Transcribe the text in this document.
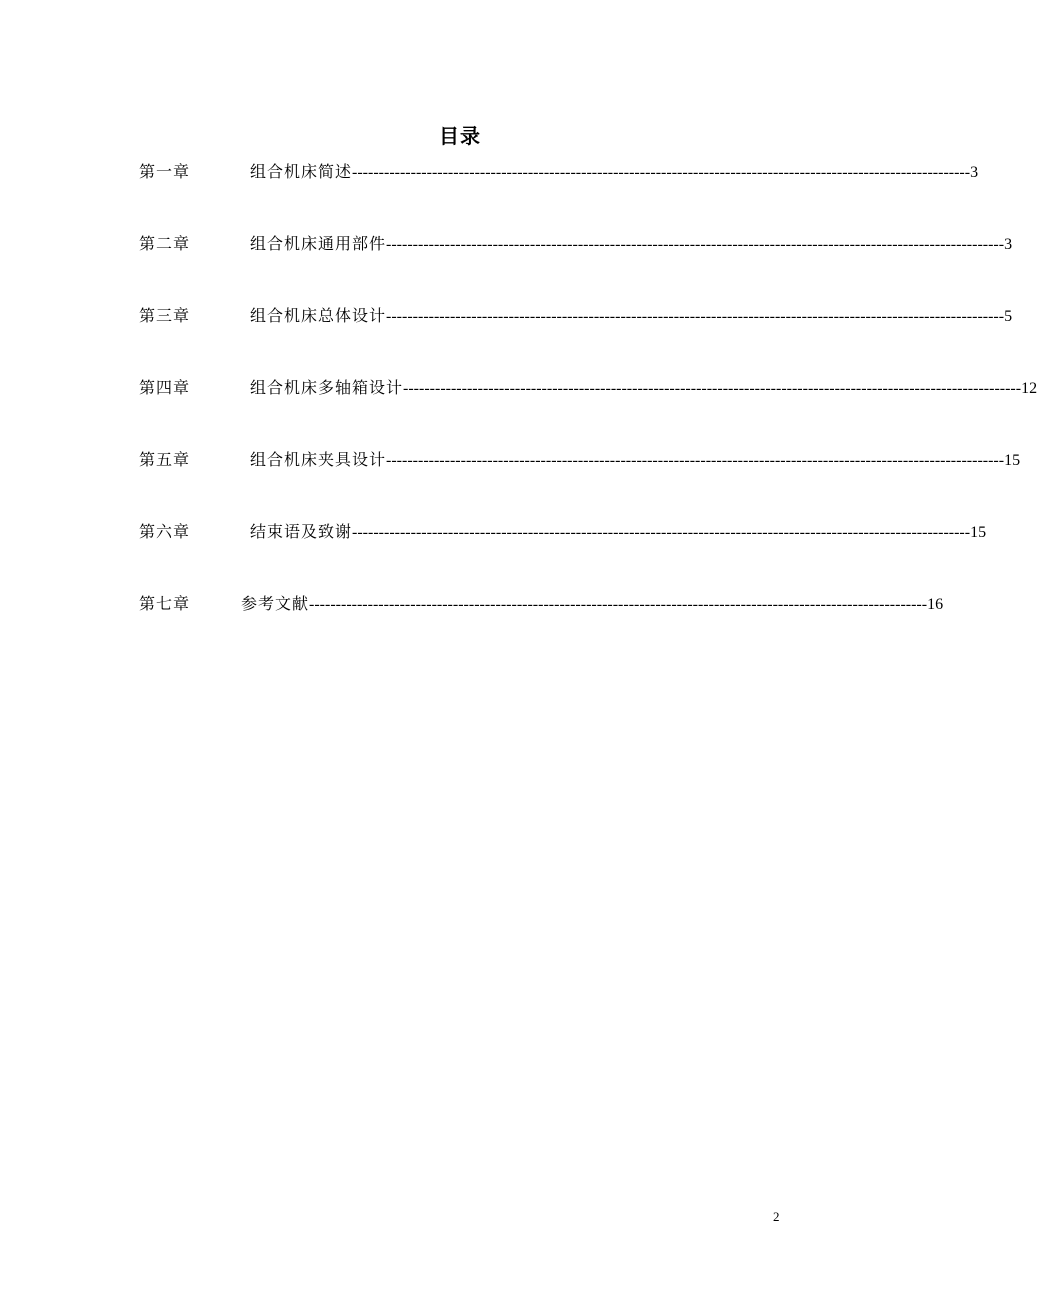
目录
第一章	组合机床简述 -------------------------------------------------------------------------------------------------------------------- 3
第二章	组合机床通用部件 -------------------------------------------------------------------------------------------------------------------- 3
第三章	组合机床总体设计 -------------------------------------------------------------------------------------------------------------------- 5
第四章	组合机床多轴箱设计 -------------------------------------------------------------------------------------------------------------------- 12
第五章	组合机床夹具设计 -------------------------------------------------------------------------------------------------------------------- 15
第六章	结束语及致谢 -------------------------------------------------------------------------------------------------------------------- 15
第七章	参考文献 -------------------------------------------------------------------------------------------------------------------- 16
2
